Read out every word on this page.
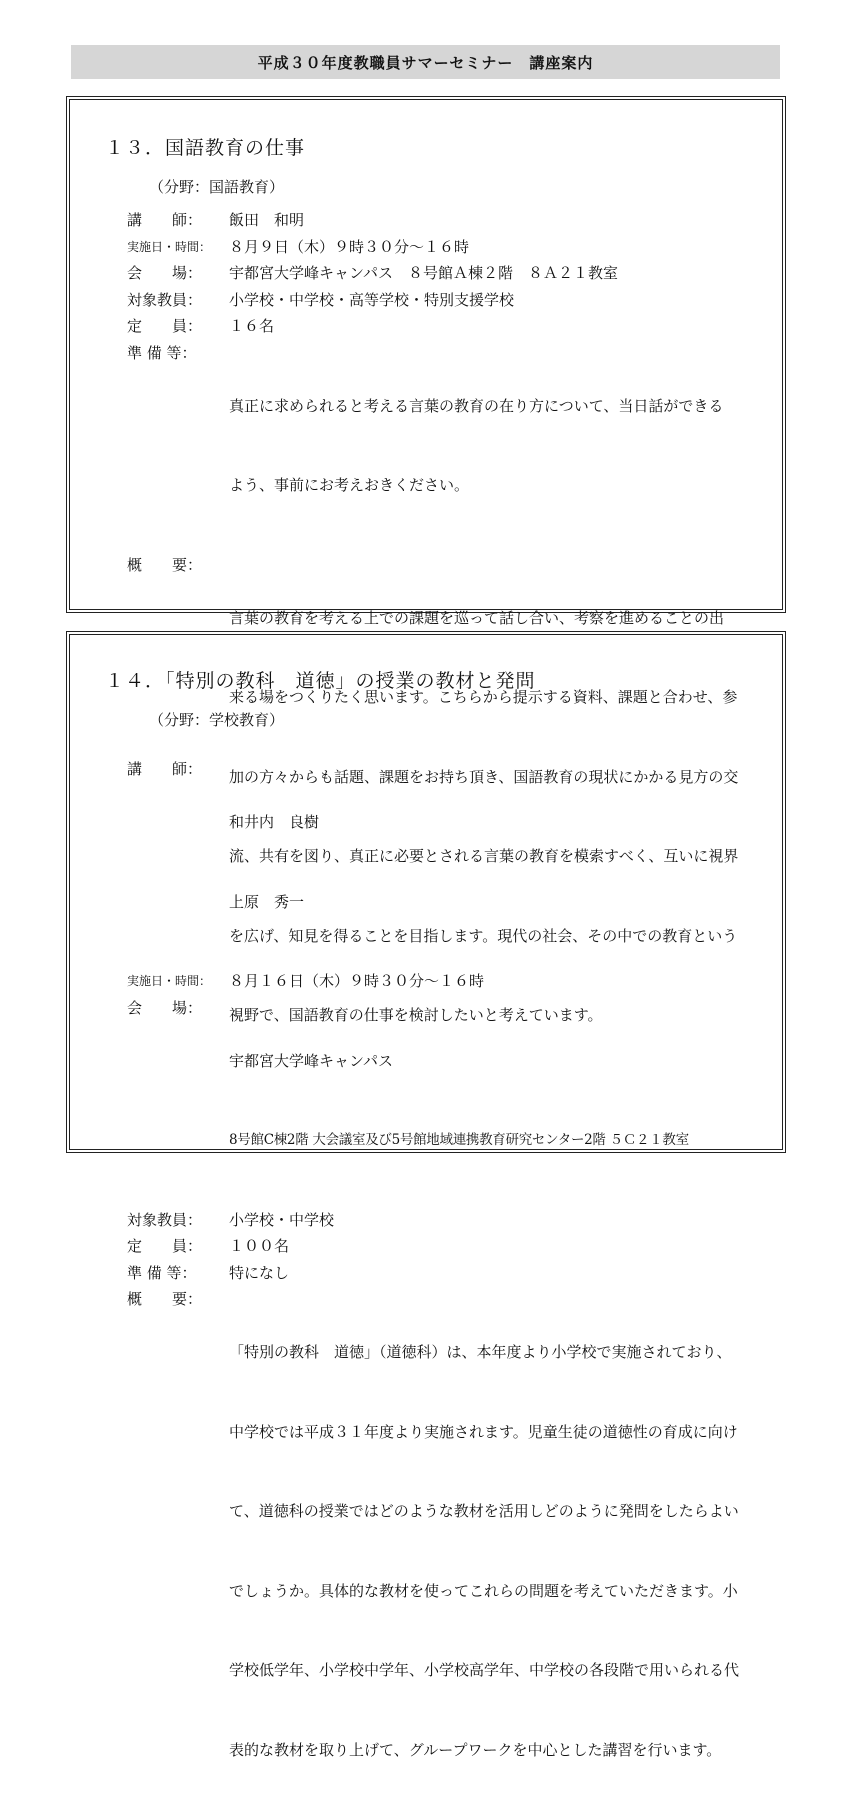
平成３０年度教職員サマーセミナー　講座案内
１３．国語教育の仕事
（分野：国語教育）
講　　師：	飯田　和明
実施日・時間：	８月９日（木）９時３０分～１６時
会　　場：	宇都宮大学峰キャンパス　８号館Ａ棟２階　８Ａ２１教室
対象教員：	小学校・中学校・高等学校・特別支援学校
定　　員：	１６名
準 備 等：

真正に求められると考える言葉の教育の在り方について、当日話ができる

よう、事前にお考えおきください。

概　　要：

言葉の教育を考える上での課題を巡って話し合い、考察を進めることの出

来る場をつくりたく思います。こちらから提示する資料、課題と合わせ、参

加の方々からも話題、課題をお持ち頂き、国語教育の現状にかかる見方の交

流、共有を図り、真正に必要とされる言葉の教育を模索すべく、互いに視界

を広げ、知見を得ることを目指します。現代の社会、その中での教育という

視野で、国語教育の仕事を検討したいと考えています。

１４．「特別の教科　道徳」の授業の教材と発問
（分野：学校教育）
講　　師：

和井内　良樹

上原　秀一

実施日・時間：	８月１６日（木）９時３０分～１６時
会　　場：

宇都宮大学峰キャンパス

8号館C棟2階 大会議室及び5号館地域連携教育研究センター2階 ５Ｃ２１教室

対象教員：	小学校・中学校
定　　員：	１００名
準 備 等：	特になし
概　　要：

「特別の教科　道徳」（道徳科）は、本年度より小学校で実施されており、

中学校では平成３１年度より実施されます。児童生徒の道徳性の育成に向け

て、道徳科の授業ではどのような教材を活用しどのように発問をしたらよい

でしょうか。具体的な教材を使ってこれらの問題を考えていただきます。小

学校低学年、小学校中学年、小学校高学年、中学校の各段階で用いられる代

表的な教材を取り上げて、グループワークを中心とした講習を行います。
